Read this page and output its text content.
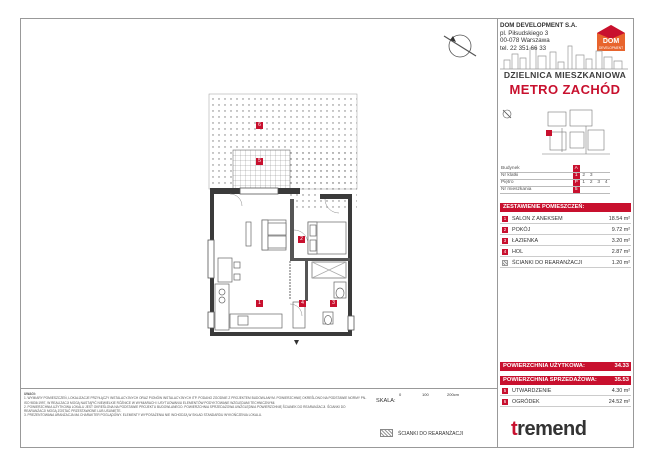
1
2
3
4
5
6
DOM DEVELOPMENT S.A.
pl. Piłsudskiego 3
00-078 Warszawa
tel. 22 351 66 33
DOM
DEVELOPMENT
DZIELNICA MIESZKANIOWA
METRO ZACHÓD
Budynek	A				
Nr klatki	1	2	3		
Piętro	P	1	2	3	4
Nr mieszkania	5				
ZESTAWIENIE POMIESZCZEŃ:
1	SALON Z ANEKSEM	18.54 m²
2	POKÓJ	9.72 m²
3	ŁAZIENKA	3.20 m²
4	HOL	2.87 m²
ŚCIANKI DO REARANŻACJI	1.20 m²
POWIERZCHNIA UŻYTKOWA:	34.33
POWIERZCHNIA SPRZEDAŻOWA:	35.53
5	UTWARDZENIE	4.30 m²
6	OGRÓDEK	24.52 m²
tremend
UWAGI:
1. WYMIARY POMIESZCZEŃ, LOKALIZACJE PRZYŁĄCZY INSTALACYJNYCH ORAZ PIONÓW INSTALACYJNYCH ITP. PODANO ZGODNIE Z PROJEKTEM BUDOWLANYM. POWIERZCHNIĘ OKREŚLONO NA PODSTAWIE NORMY PN-ISO 9836:1997, W REALIZACJI MOGĄ NASTĄPIĆ NIEWIELKIE RÓŻNICE W WYMIARACH I USYTUOWANIU ELEMENTÓW PODYKTOWANE WZGLĘDAMI TECHNICZNYMI.
2. POWIERZCHNIA UŻYTKOWA LOKALU JEST OKREŚLONA NA PODSTAWIE PROJEKTU BUDOWLANEGO. POWIERZCHNIA SPRZEDAŻOWA UWZGLĘDNIA POWIERZCHNIĘ ŚCIANEK DO REARANŻACJI. ŚCIANKI DO REARANŻACJI MOGĄ ZOSTAĆ PRZESTAWIONE LUB USUNIĘTE.
3. PREZENTOWANA ARANŻACJA MA CHARAKTER POGLĄDOWY. ELEMENTY WYPOSAŻENIA NIE WCHODZĄ W SKŁAD STANDARDU WYKOŃCZENIA LOKALU.
SKALA:
0	100	200cm
ŚCIANKI DO REARANŻACJI
